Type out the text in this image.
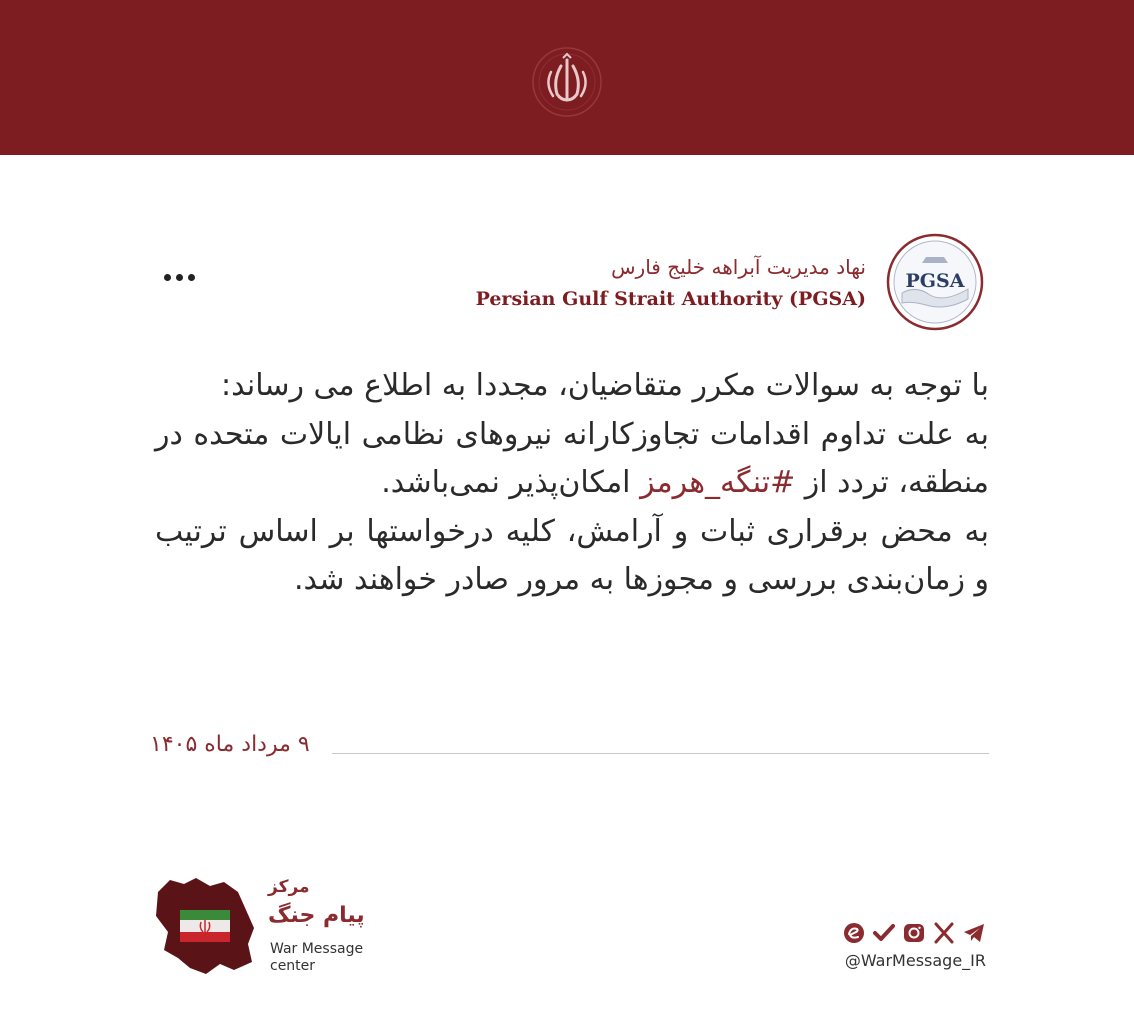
نهاد مدیریت آبراهه خلیج فارس
Persian Gulf Strait Authority (PGSA)
PGSA
با توجه به سوالات مکرر متقاضیان، مجددا به اطلاع می رساند:
به علت تداوم اقدامات تجاوزکارانه نیروهای نظامی ایالات متحده در منطقه، تردد از #تنگه_هرمز امکان‌پذیر نمی‌باشد.
به محض برقراری ثبات و آرامش، کلیه درخواستها بر اساس ترتیب و زمان‌بندی بررسی و مجوزها به مرور صادر خواهند شد.
۹ مرداد ماه ۱۴۰۵
مرکز
پیام جنگ
War Message
center	@WarMessage_IR
